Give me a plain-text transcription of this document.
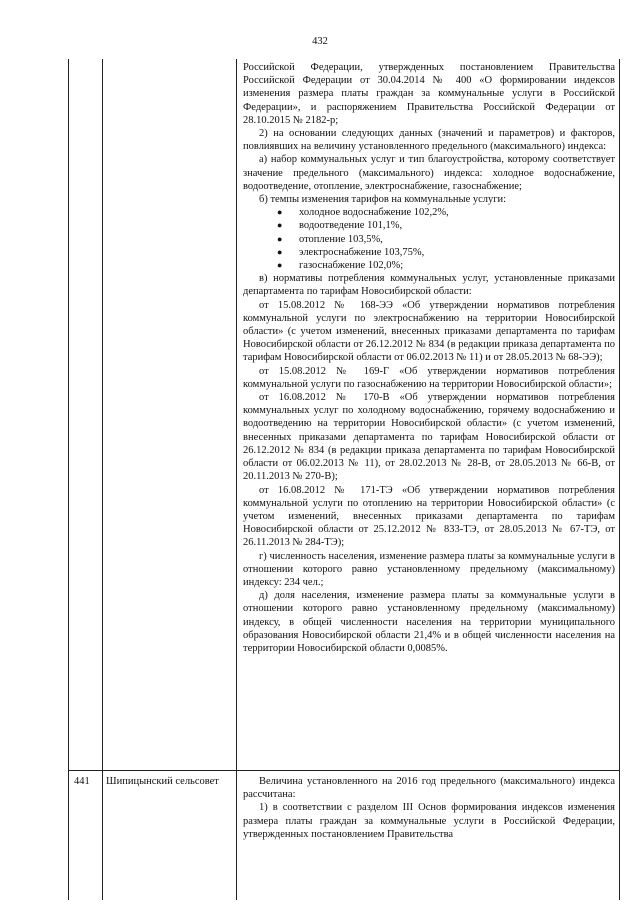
432

Российской Федерации, утвержденных постановлением Правительства Российской Федерации от 30.04.2014 № 400 «О формировании индексов изменения размера платы граждан за коммунальные услуги в Российской Федерации», и распоряжением Правительства Российской Федерации от 28.10.2015 № 2182-р;

2) на основании следующих данных (значений и параметров) и факторов, повлиявших на величину установленного предельного (максимального) индекса:

а) набор коммунальных услуг и тип благоустройства, которому соответствует значение предельного (максимального) индекса: холодное водоснабжение, водоотведение, отопление, электроснабжение, газоснабжение;

б) темпы изменения тарифов на коммунальные услуги:

● холодное водоснабжение 102,2%,
● водоотведение 101,1%,
● отопление 103,5%,
● электроснабжение 103,75%,
● газоснабжение 102,0%;

в) нормативы потребления коммунальных услуг, установленные приказами департамента по тарифам Новосибирской области:

от 15.08.2012 № 168-ЭЭ «Об утверждении нормативов потребления коммунальной услуги по электроснабжению на территории Новосибирской области» (с учетом изменений, внесенных приказами департамента по тарифам Новосибирской области от 26.12.2012 № 834 (в редакции приказа департамента по тарифам Новосибирской области от 06.02.2013 № 11) и от 28.05.2013 № 68-ЭЭ);

от 15.08.2012 № 169-Г «Об утверждении нормативов потребления коммунальной услуги по газоснабжению на территории Новосибирской области»;

от 16.08.2012 № 170-В «Об утверждении нормативов потребления коммунальных услуг по холодному водоснабжению, горячему водоснабжению и водоотведению на территории Новосибирской области» (с учетом изменений, внесенных приказами департамента по тарифам Новосибирской области от 26.12.2012 № 834 (в редакции приказа департамента по тарифам Новосибирской области от 06.02.2013 № 11), от 28.02.2013 № 28-В, от 28.05.2013 № 66-В, от 20.11.2013 № 270-В);

от 16.08.2012 № 171-ТЭ «Об утверждении нормативов потребления коммунальной услуги по отоплению на территории Новосибирской области» (с учетом изменений, внесенных приказами департамента по тарифам Новосибирской области от 25.12.2012 № 833-ТЭ, от 28.05.2013 № 67-ТЭ, от 26.11.2013 № 284-ТЭ);

г) численность населения, изменение размера платы за коммунальные услуги в отношении которого равно установленному предельному (максимальному) индексу: 234 чел.;

д) доля населения, изменение размера платы за коммунальные услуги в отношении которого равно установленному предельному (максимальному) индексу, в общей численности населения на территории муниципального образования Новосибирской области 21,4% и в общей численности населения на территории Новосибирской области 0,0085%.

441	Шипицынский сельсовет	Величина установленного на 2016 год предельного (максимального) индекса рассчитана:

1) в соответствии с разделом III Основ формирования индексов изменения размера платы граждан за коммунальные услуги в Российской Федерации, утвержденных постановлением Правительства
